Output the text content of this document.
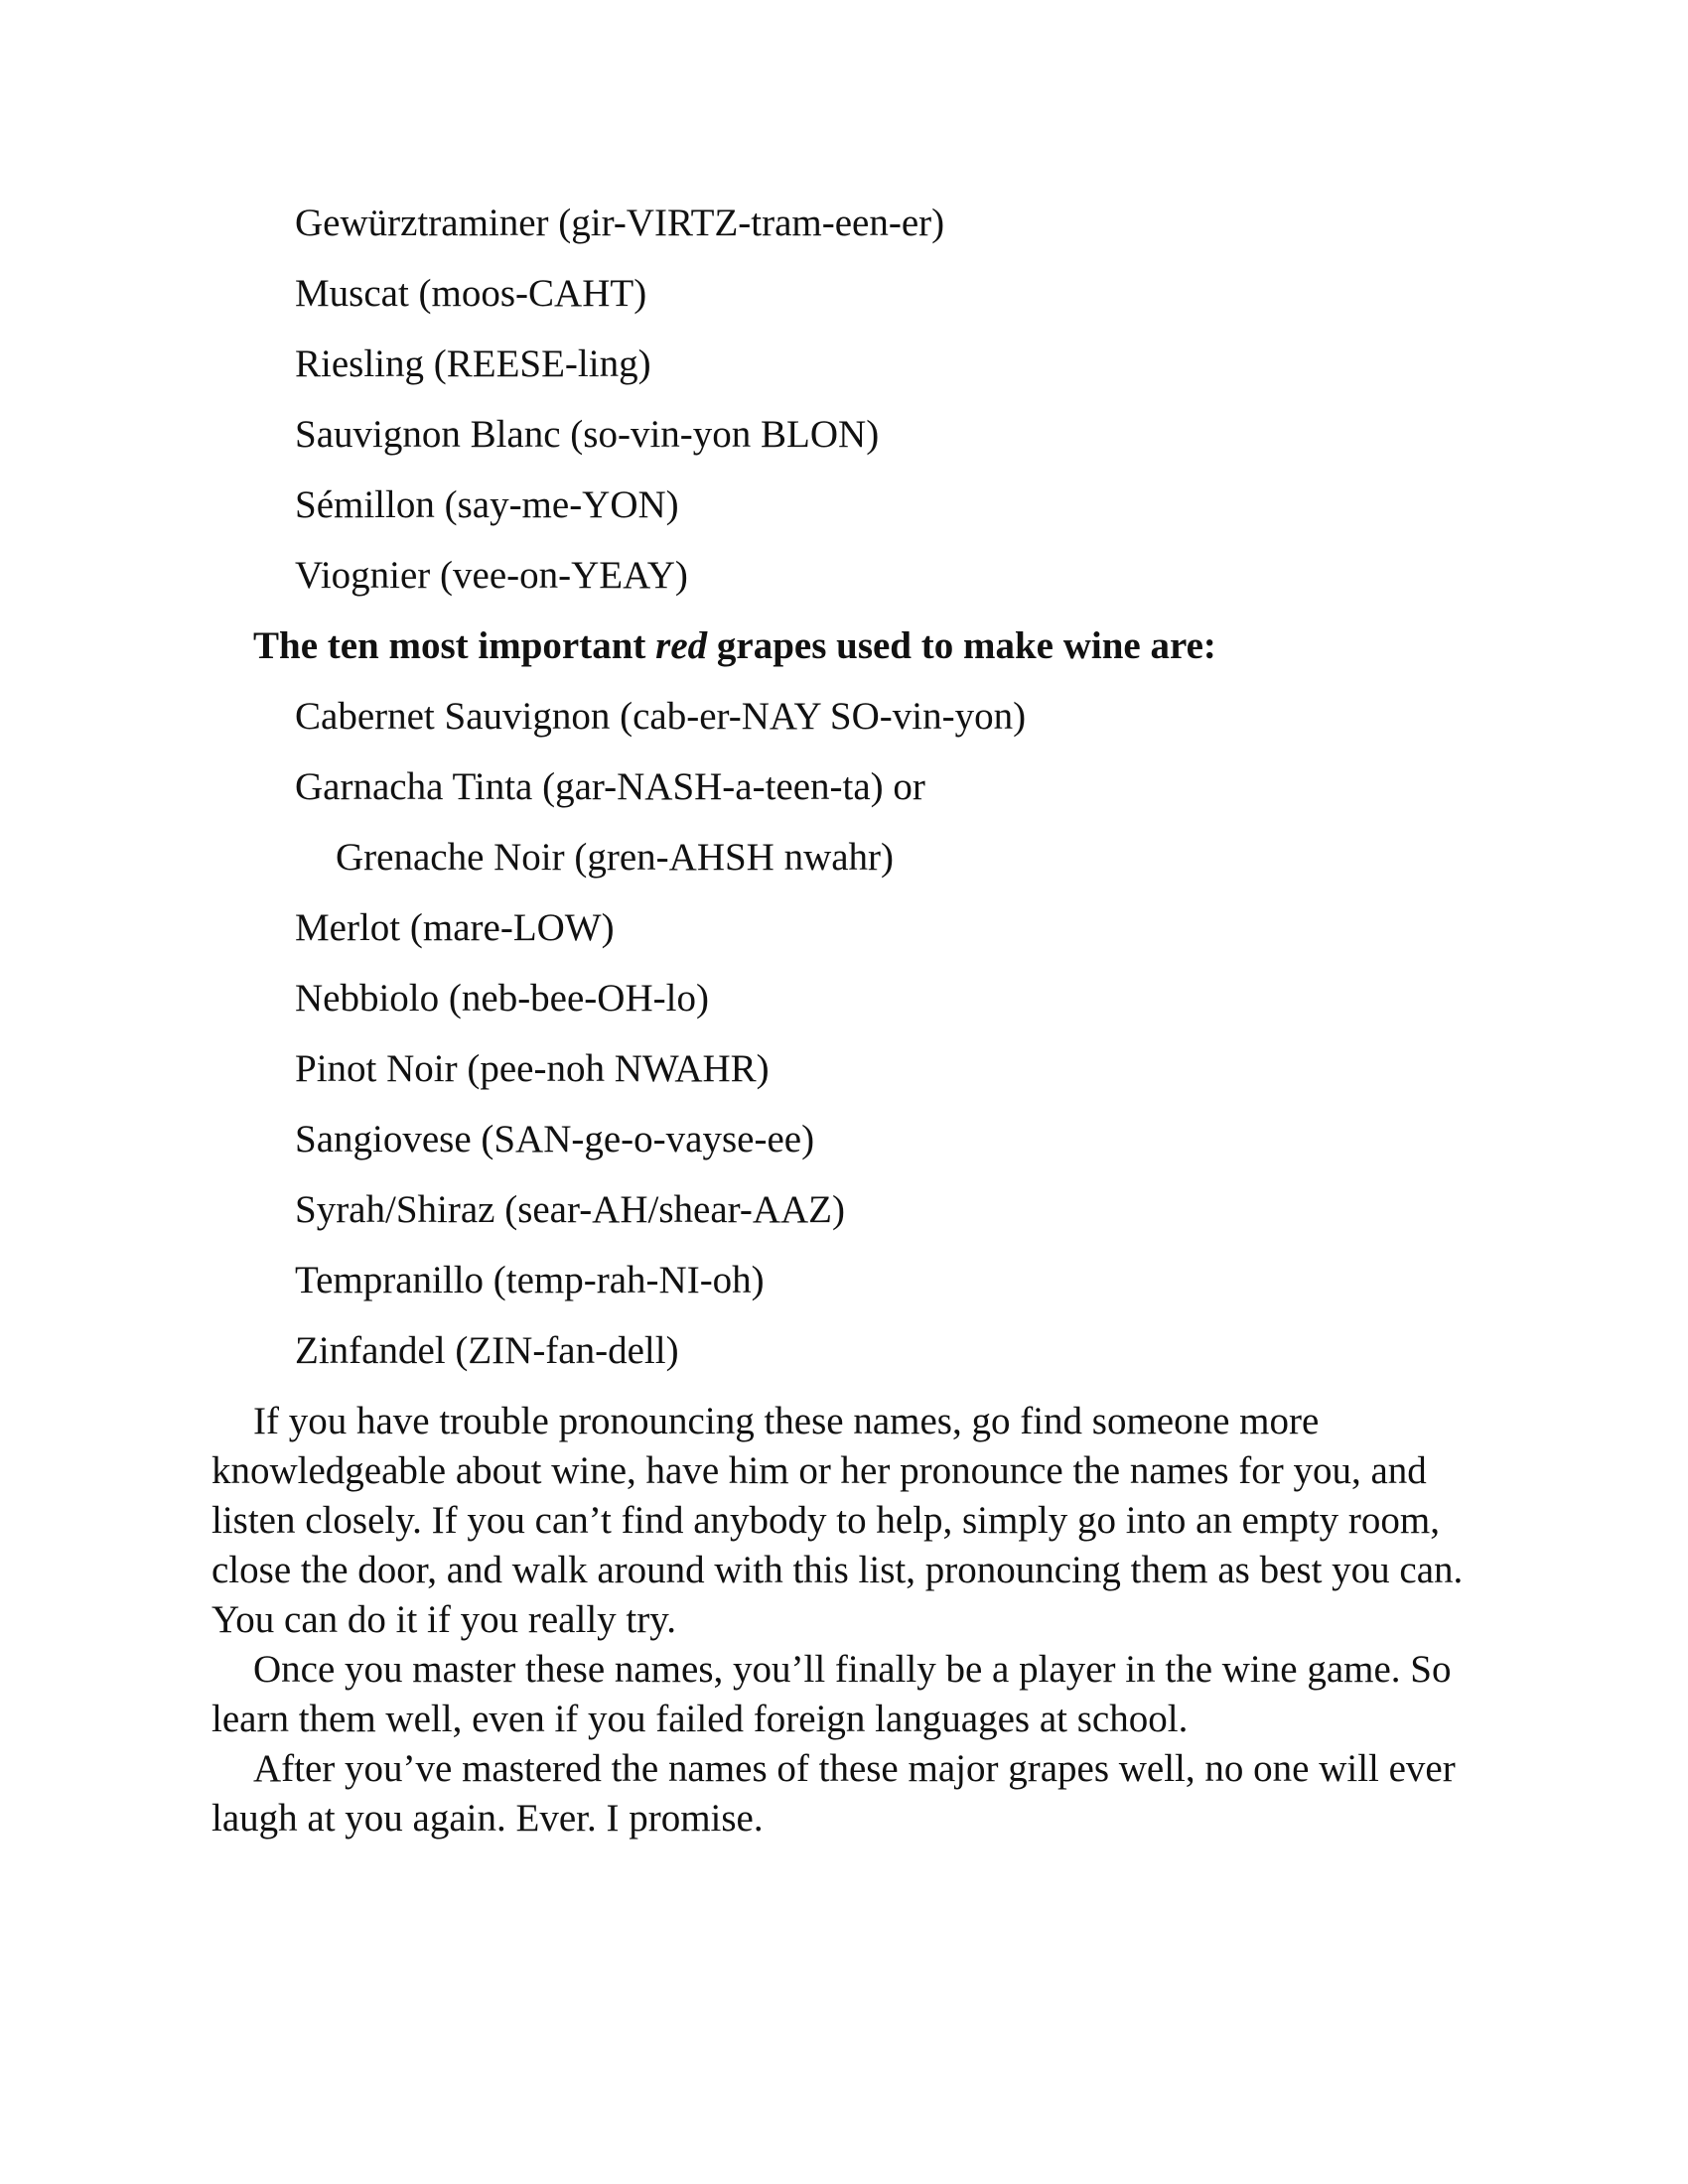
Gewürztraminer (gir-VIRTZ-tram-een-er)
Muscat (moos-CAHT)
Riesling (REESE-ling)
Sauvignon Blanc (so-vin-yon BLON)
Sémillon (say-me-YON)
Viognier (vee-on-YEAY)
The ten most important red grapes used to make wine are:
Cabernet Sauvignon (cab-er-NAY SO-vin-yon)
Garnacha Tinta (gar-NASH-a-teen-ta) or
Grenache Noir (gren-AHSH nwahr)
Merlot (mare-LOW)
Nebbiolo (neb-bee-OH-lo)
Pinot Noir (pee-noh NWAHR)
Sangiovese (SAN-ge-o-vayse-ee)
Syrah/Shiraz (sear-AH/shear-AAZ)
Tempranillo (temp-rah-NI-oh)
Zinfandel (ZIN-fan-dell)

If you have trouble pronouncing these names, go find someone more knowledgeable about wine, have him or her pronounce the names for you, and listen closely. If you can’t find anybody to help, simply go into an empty room, close the door, and walk around with this list, pronouncing them as best you can. You can do it if you really try.

Once you master these names, you’ll finally be a player in the wine game. So learn them well, even if you failed foreign languages at school.

After you’ve mastered the names of these major grapes well, no one will ever laugh at you again. Ever. I promise.
